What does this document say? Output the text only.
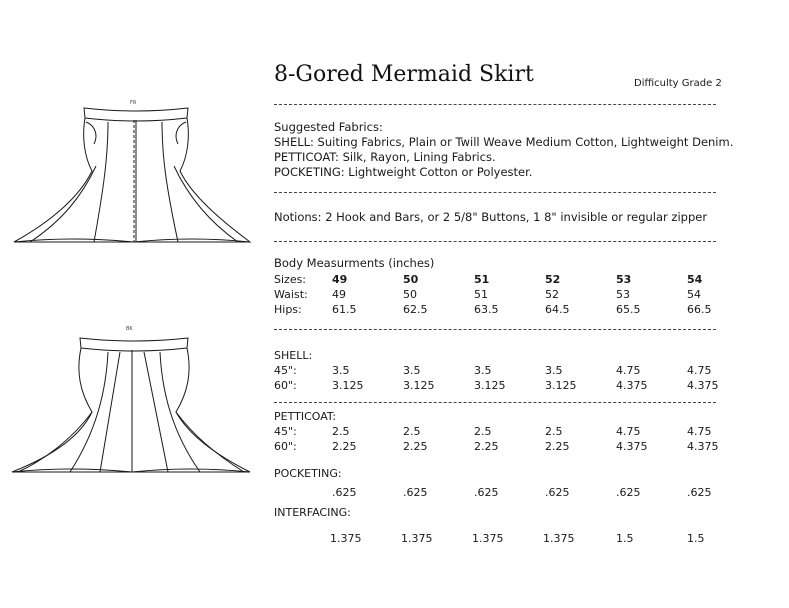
FR
BK
8-Gored Mermaid Skirt	Difficulty Grade 2
Suggested Fabrics:
SHELL: Suiting Fabrics, Plain or Twill Weave Medium Cotton, Lightweight Denim.
PETTICOAT: Silk, Rayon, Lining Fabrics.
POCKETING: Lightweight Cotton or Polyester.
Notions: 2 Hook and Bars, or 2 5/8" Buttons, 1 8" invisible or regular zipper
Body Measurments (inches)
Sizes: 49	50	51	52	53	54
Waist: 49	50	51	52	53	54
Hips:	61.5	62.5	63.5	64.5	65.5	66.5
SHELL:
45":	3.5	3.5	3.5	3.5	4.75	4.75
60":	3.125	3.125	3.125	3.125	4.375	4.375
PETTICOAT:
45":	2.5	2.5	2.5	2.5	4.75	4.75
60":	2.25	2.25	2.25	2.25	4.375	4.375
POCKETING:
.625	.625	.625	.625	.625	.625
INTERFACING:
1.375	1.375	1.375	1.375	1.5	1.5
